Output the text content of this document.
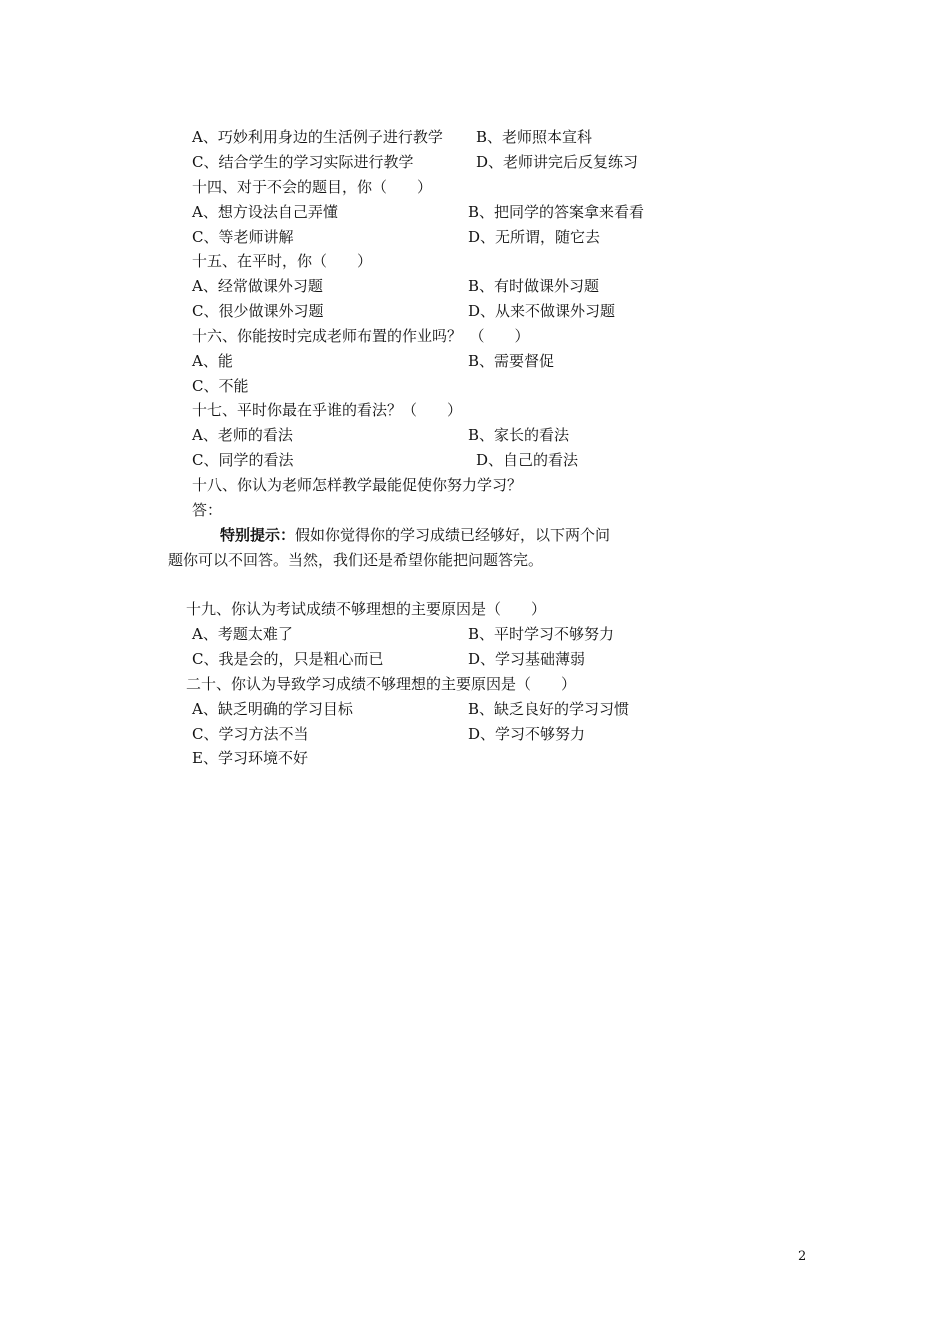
A、巧妙利用身边的生活例子进行教学 B、老师照本宣科
C、结合学生的学习实际进行教学	D、老师讲完后反复练习
十四、对于不会的题目，你（　　）
A、想方设法自己弄懂	B、把同学的答案拿来看看
C、等老师讲解	D、无所谓，随它去
十五、在平时，你（　　）
A、经常做课外习题	B、有时做课外习题
C、很少做课外习题	D、从来不做课外习题
十六、你能按时完成老师布置的作业吗？　（　　）
A、能	B、需要督促
C、不能
十七、平时你最在乎谁的看法？（　　）
A、老师的看法	B、家长的看法
C、同学的看法	D、自己的看法
十八、你认为老师怎样教学最能促使你努力学习？
答：
特别提示：假如你觉得你的学习成绩已经够好，以下两个问
题你可以不回答。当然，我们还是希望你能把问题答完。
十九、你认为考试成绩不够理想的主要原因是（　　）
A、考题太难了	B、平时学习不够努力
C、我是会的，只是粗心而已	D、学习基础薄弱
二十、你认为导致学习成绩不够理想的主要原因是（　　）
A、缺乏明确的学习目标	B、缺乏良好的学习习惯
C、学习方法不当	D、学习不够努力
E、学习环境不好
2
